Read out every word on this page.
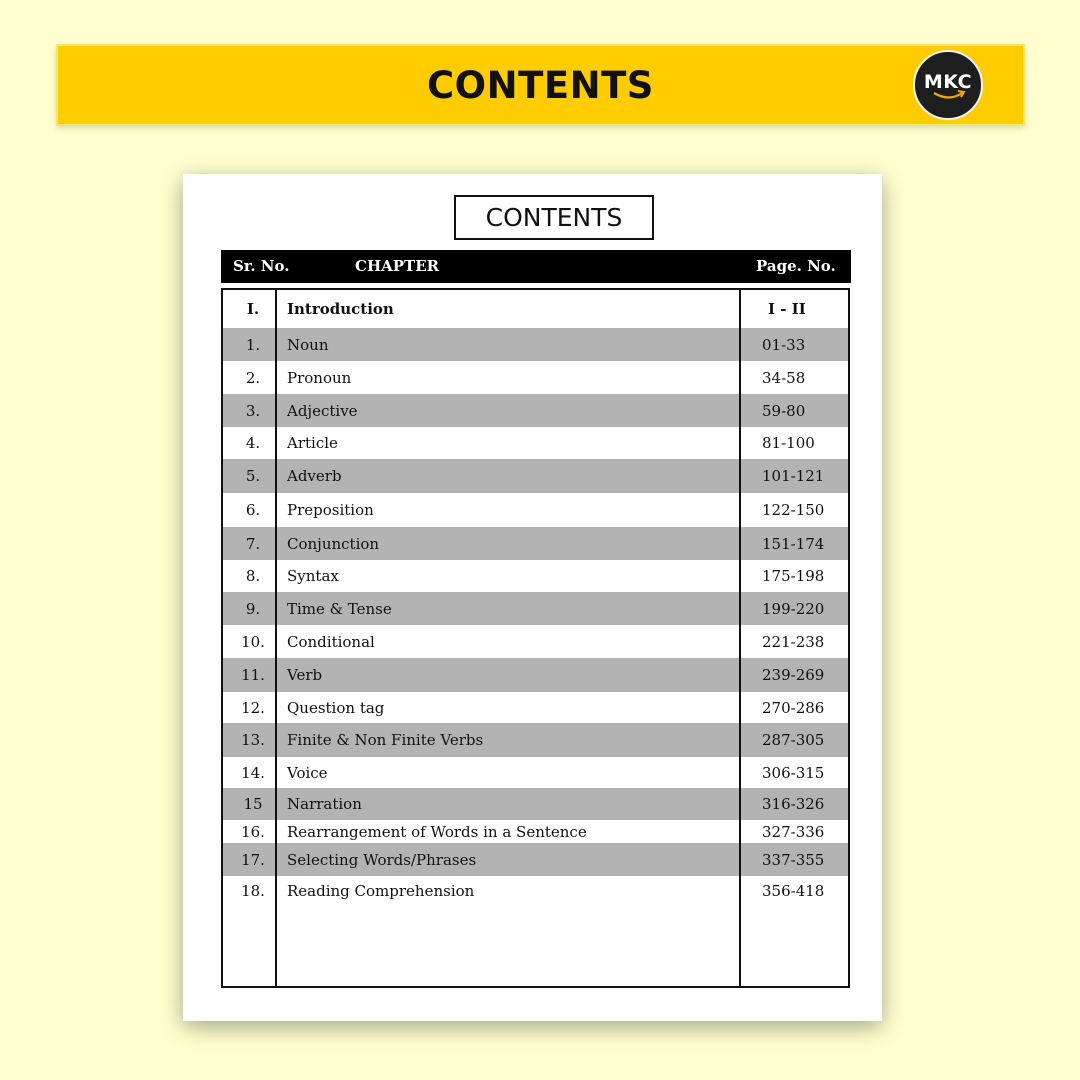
CONTENTS	MKC
CONTENTS
Sr. No.	CHAPTER	Page. No.
18.	Reading Comprehension	356-418
17.	Selecting Words/Phrases	337-355
16.	Rearrangement of Words in a Sentence	327-336
15	Narration	316-326
14.	Voice	306-315
13.	Finite & Non Finite Verbs	287-305
12.	Question tag	270-286
11.	Verb	239-269
10.	Conditional	221-238
9.	Time & Tense	199-220
8.	Syntax	175-198
7.	Conjunction	151-174
6.	Preposition	122-150
5.	Adverb	101-121
4.	Article	81-100
3.	Adjective	59-80
2.	Pronoun	34-58
1.	Noun	01-33
I.	Introduction	I - II
